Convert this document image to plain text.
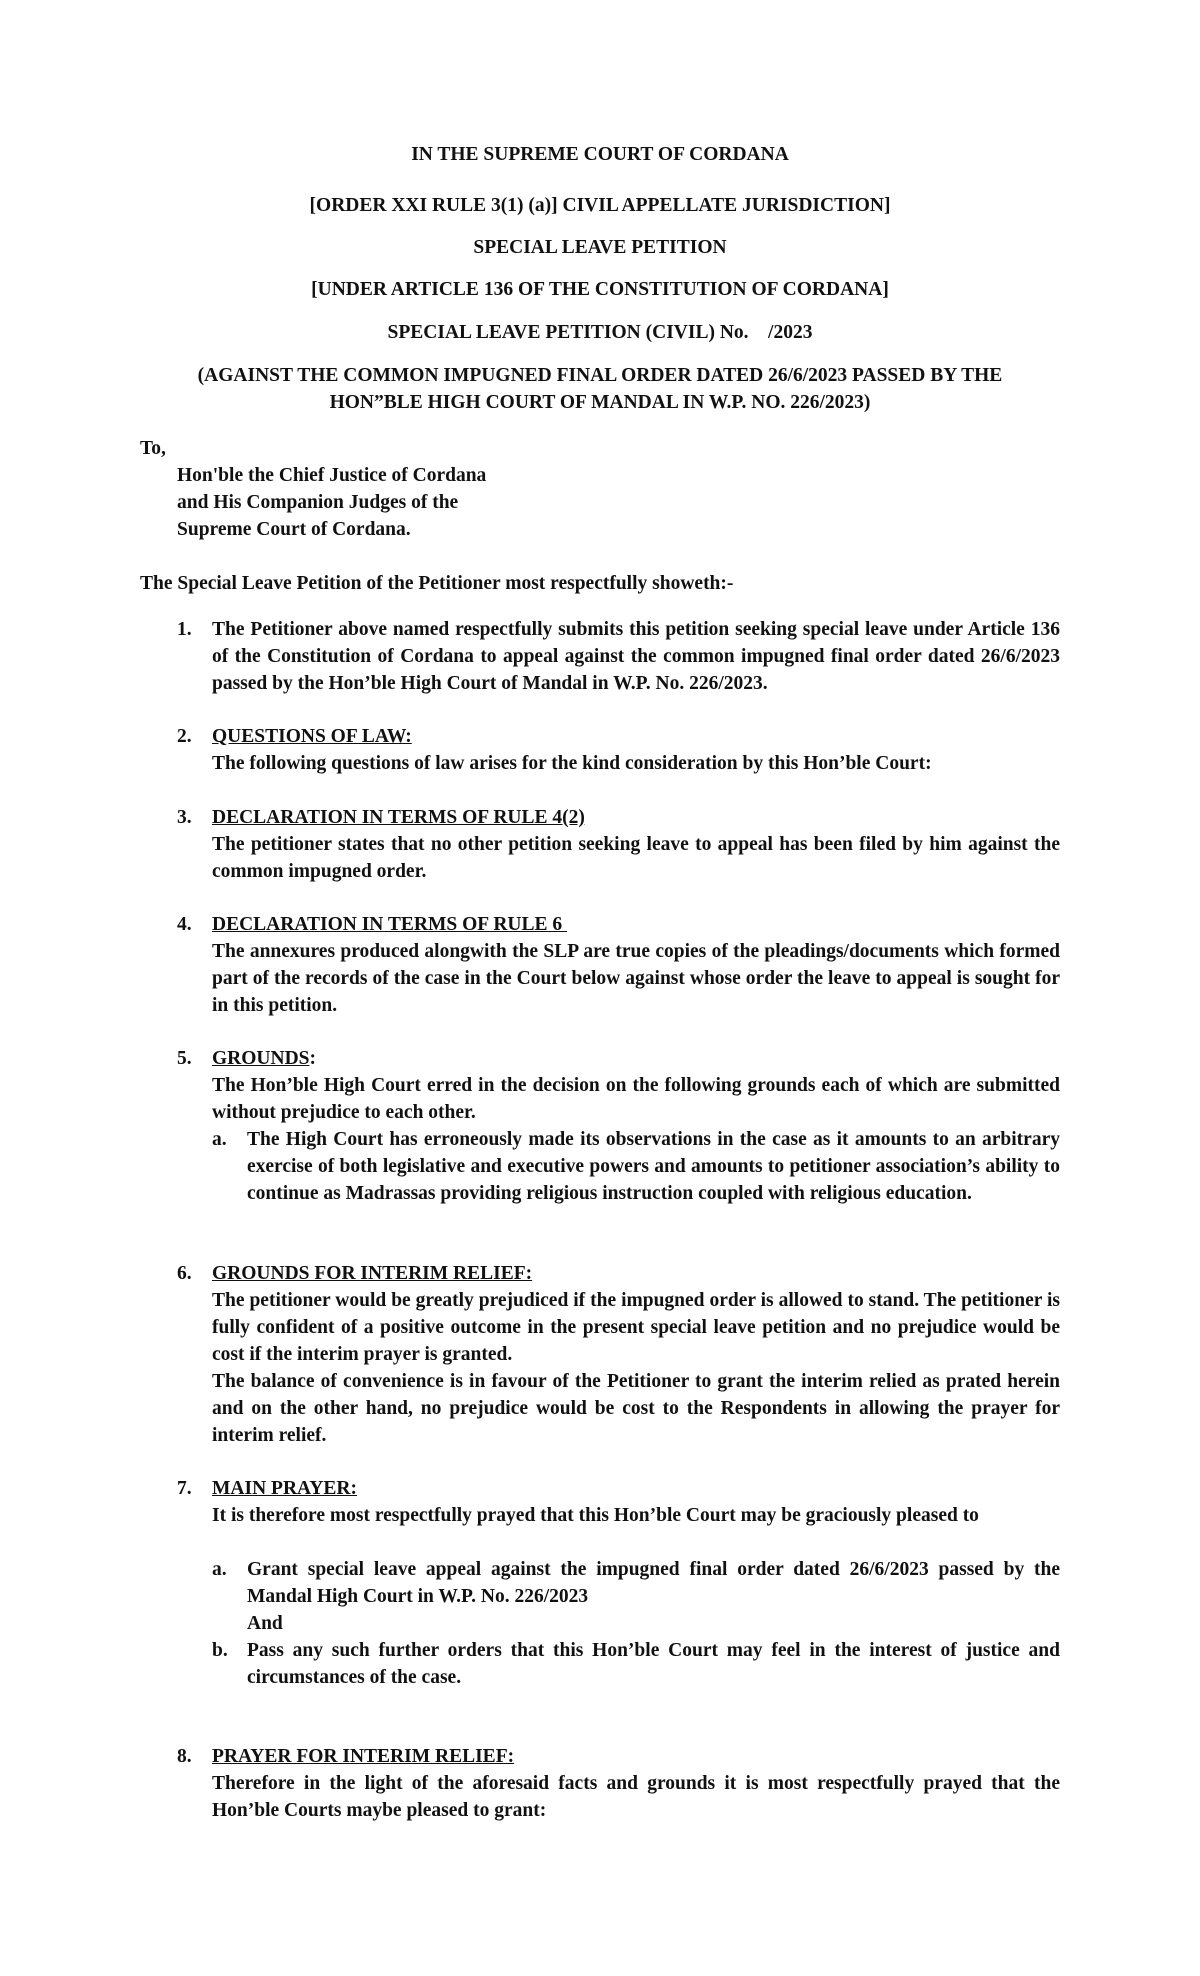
IN THE SUPREME COURT OF CORDANA
[ORDER XXI RULE 3(1) (a)] CIVIL APPELLATE JURISDICTION]
SPECIAL LEAVE PETITION
[UNDER ARTICLE 136 OF THE CONSTITUTION OF CORDANA]
SPECIAL LEAVE PETITION (CIVIL) No.    /2023
(AGAINST THE COMMON IMPUGNED FINAL ORDER DATED 26/6/2023 PASSED BY THE
HON”BLE HIGH COURT OF MANDAL IN W.P. NO. 226/2023)
To,
Hon'ble the Chief Justice of Cordana
and His Companion Judges of the
Supreme Court of Cordana.
The Special Leave Petition of the Petitioner most respectfully showeth:-
1. The Petitioner above named respectfully submits this petition seeking special leave under Article 136 of the Constitution of Cordana to appeal against the common impugned final order dated 26/6/2023 passed by the Hon’ble High Court of Mandal in W.P. No. 226/2023.
2. QUESTIONS OF LAW:
The following questions of law arises for the kind consideration by this Hon’ble Court:
3. DECLARATION IN TERMS OF RULE 4(2)
The petitioner states that no other petition seeking leave to appeal has been filed by him against the common impugned order.
4. DECLARATION IN TERMS OF RULE 6
The annexures produced alongwith the SLP are true copies of the pleadings/documents which formed part of the records of the case in the Court below against whose order the leave to appeal is sought for in this petition.
5. GROUNDS:
The Hon’ble High Court erred in the decision on the following grounds each of which are submitted without prejudice to each other.
a. The High Court has erroneously made its observations in the case as it amounts to an arbitrary exercise of both legislative and executive powers and amounts to petitioner association’s ability to continue as Madrassas providing religious instruction coupled with religious education.
6. GROUNDS FOR INTERIM RELIEF:
The petitioner would be greatly prejudiced if the impugned order is allowed to stand. The petitioner is fully confident of a positive outcome in the present special leave petition and no prejudice would be cost if the interim prayer is granted.
The balance of convenience is in favour of the Petitioner to grant the interim relied as prated herein and on the other hand, no prejudice would be cost to the Respondents in allowing the prayer for interim relief.
7. MAIN PRAYER:
It is therefore most respectfully prayed that this Hon’ble Court may be graciously pleased to
a. Grant special leave appeal against the impugned final order dated 26/6/2023 passed by the Mandal High Court in W.P. No. 226/2023
And
b. Pass any such further orders that this Hon’ble Court may feel in the interest of justice and circumstances of the case.
8. PRAYER FOR INTERIM RELIEF:
Therefore in the light of the aforesaid facts and grounds it is most respectfully prayed that the Hon’ble Courts maybe pleased to grant:
